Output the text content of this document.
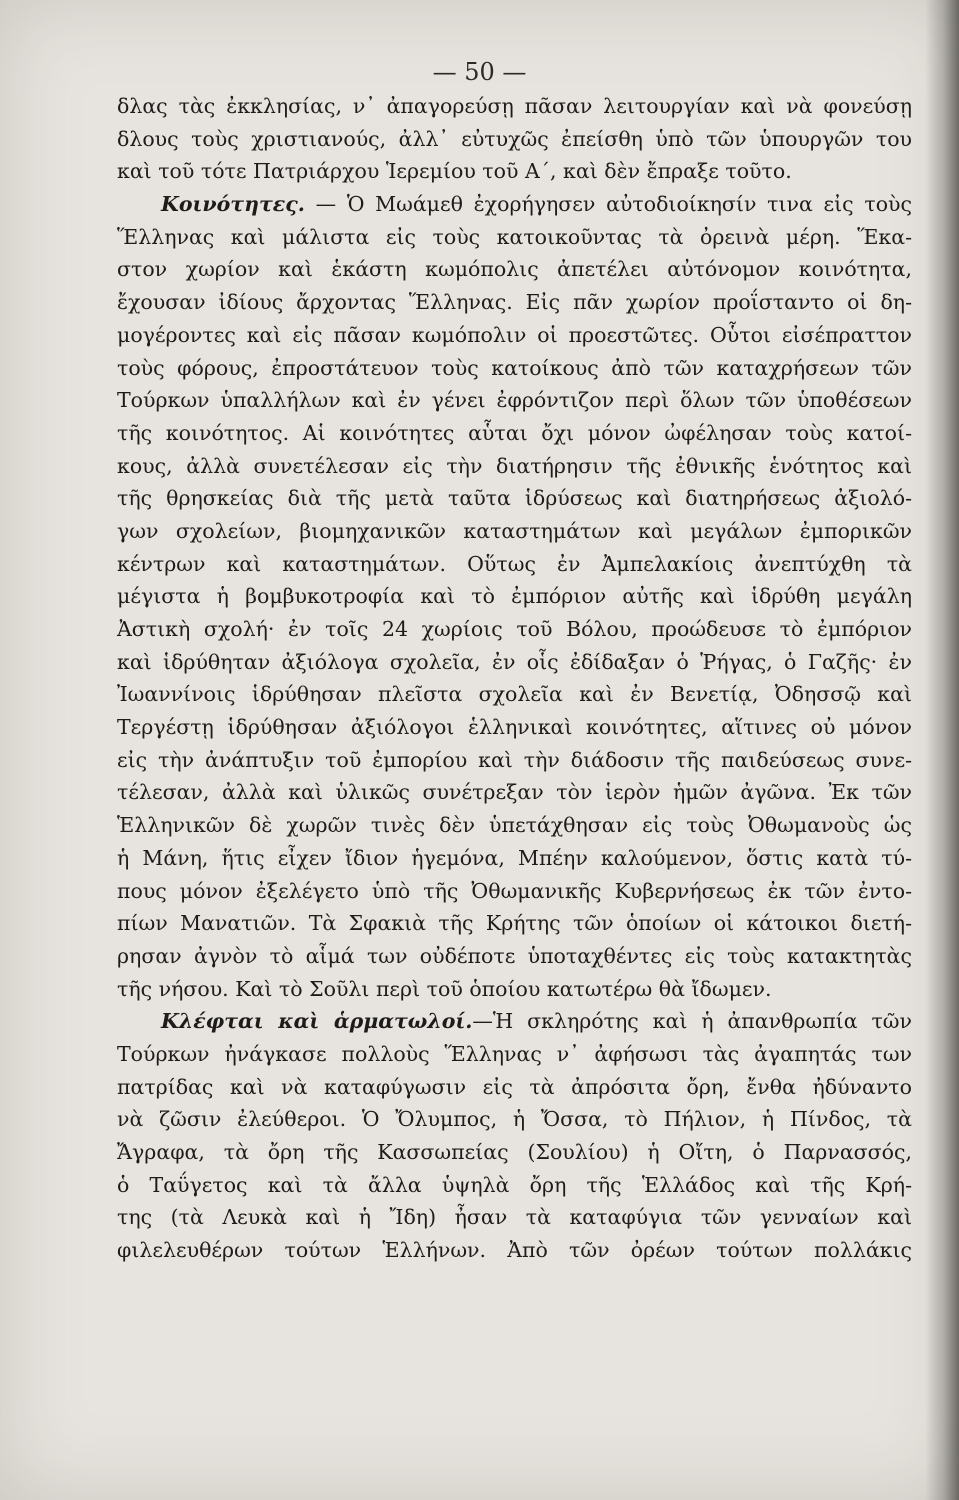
— 50 —
δλας τὰς ἐκκλησίας, ν᾽ ἀπαγορεύσῃ πᾶσαν λειτουργίαν καὶ νὰ φονεύσῃ
δλους τοὺς χριστιανούς, ἀλλ᾽ εὐτυχῶς ἐπείσθη ὑπὸ τῶν ὑπουργῶν του
καὶ τοῦ τότε Πατριάρχου Ἱερεμίου τοῦ Α΄, καὶ δὲν ἔπραξε τοῦτο.
Κοινότητες. — Ὁ Μωάμεθ ἐχορήγησεν αὐτοδιοίκησίν τινα εἰς τοὺς
Ἕλληνας καὶ μάλιστα εἰς τοὺς κατοικοῦντας τὰ ὀρεινὰ μέρη. Ἕκα-
στον χωρίον καὶ ἑκάστη κωμόπολις ἀπετέλει αὐτόνομον κοινότητα,
ἔχουσαν ἰδίους ἄρχοντας Ἕλληνας. Εἰς πᾶν χωρίον προΐσταντο οἱ δη-
μογέροντες καὶ εἰς πᾶσαν κωμόπολιν οἱ προεστῶτες. Οὗτοι εἰσέπραττον
τοὺς φόρους, ἐπροστάτευον τοὺς κατοίκους ἀπὸ τῶν καταχρήσεων τῶν
Τούρκων ὑπαλλήλων καὶ ἐν γένει ἐφρόντιζον περὶ ὅλων τῶν ὑποθέσεων
τῆς κοινότητος. Αἱ κοινότητες αὗται ὄχι μόνον ὠφέλησαν τοὺς κατοί-
κους, ἀλλὰ συνετέλεσαν εἰς τὴν διατήρησιν τῆς ἐθνικῆς ἑνότητος καὶ
τῆς θρησκείας διὰ τῆς μετὰ ταῦτα ἱδρύσεως καὶ διατηρήσεως ἀξιολό-
γων σχολείων, βιομηχανικῶν καταστημάτων καὶ μεγάλων ἐμπορικῶν
κέντρων καὶ καταστημάτων. Οὕτως ἐν Ἀμπελακίοις ἀνεπτύχθη τὰ
μέγιστα ἡ βομβυκοτροφία καὶ τὸ ἐμπόριον αὐτῆς καὶ ἱδρύθη μεγάλη
Ἀστικὴ σχολή· ἐν τοῖς 24 χωρίοις τοῦ Βόλου, προώδευσε τὸ ἐμπόριον
καὶ ἱδρύθηταν ἀξιόλογα σχολεῖα, ἐν οἷς ἐδίδαξαν ὁ Ῥήγας, ὁ Γαζῆς· ἐν
Ἰωαννίνοις ἱδρύθησαν πλεῖστα σχολεῖα καὶ ἐν Βενετίᾳ, Ὀδησσῷ καὶ
Τεργέστῃ ἱδρύθησαν ἀξιόλογοι ἑλληνικαὶ κοινότητες, αἵτινες οὐ μόνον
εἰς τὴν ἀνάπτυξιν τοῦ ἐμπορίου καὶ τὴν διάδοσιν τῆς παιδεύσεως συνε-
τέλεσαν, ἀλλὰ καὶ ὑλικῶς συνέτρεξαν τὸν ἱερὸν ἡμῶν ἀγῶνα. Ἐκ τῶν
Ἑλληνικῶν δὲ χωρῶν τινὲς δὲν ὑπετάχθησαν εἰς τοὺς Ὀθωμανοὺς ὡς
ἡ Μάνη, ἥτις εἶχεν ἴδιον ἡγεμόνα, Μπέην καλούμενον, ὅστις κατὰ τύ-
πους μόνον ἐξελέγετο ὑπὸ τῆς Ὀθωμανικῆς Κυβερνήσεως ἐκ τῶν ἐντο-
πίων Μανατιῶν. Τὰ Σφακιὰ τῆς Κρήτης τῶν ὁποίων οἱ κάτοικοι διετή-
ρησαν ἀγνὸν τὸ αἷμά των οὐδέποτε ὑποταχθέντες εἰς τοὺς κατακτητὰς
τῆς νήσου. Καὶ τὸ Σοῦλι περὶ τοῦ ὁποίου κατωτέρω θὰ ἴδωμεν.
Κλέφται καὶ ἁρματωλοί.—Ἡ σκληρότης καὶ ἡ ἀπανθρωπία τῶν
Τούρκων ἠνάγκασε πολλοὺς Ἕλληνας ν᾽ ἀφήσωσι τὰς ἀγαπητάς των
πατρίδας καὶ νὰ καταφύγωσιν εἰς τὰ ἀπρόσιτα ὄρη, ἔνθα ἠδύναντο
νὰ ζῶσιν ἐλεύθεροι. Ὁ Ὄλυμπος, ἡ Ὄσσα, τὸ Πήλιον, ἡ Πίνδος, τὰ
Ἄγραφα, τὰ ὄρη τῆς Κασσωπείας (Σουλίου) ἡ Οἴτη, ὁ Παρνασσός,
ὁ Ταΰγετος καὶ τὰ ἄλλα ὑψηλὰ ὄρη τῆς Ἑλλάδος καὶ τῆς Κρή-
της (τὰ Λευκὰ καὶ ἡ Ἴδη) ἦσαν τὰ καταφύγια τῶν γενναίων καὶ
φιλελευθέρων τούτων Ἑλλήνων. Ἀπὸ τῶν ὀρέων τούτων πολλάκις
